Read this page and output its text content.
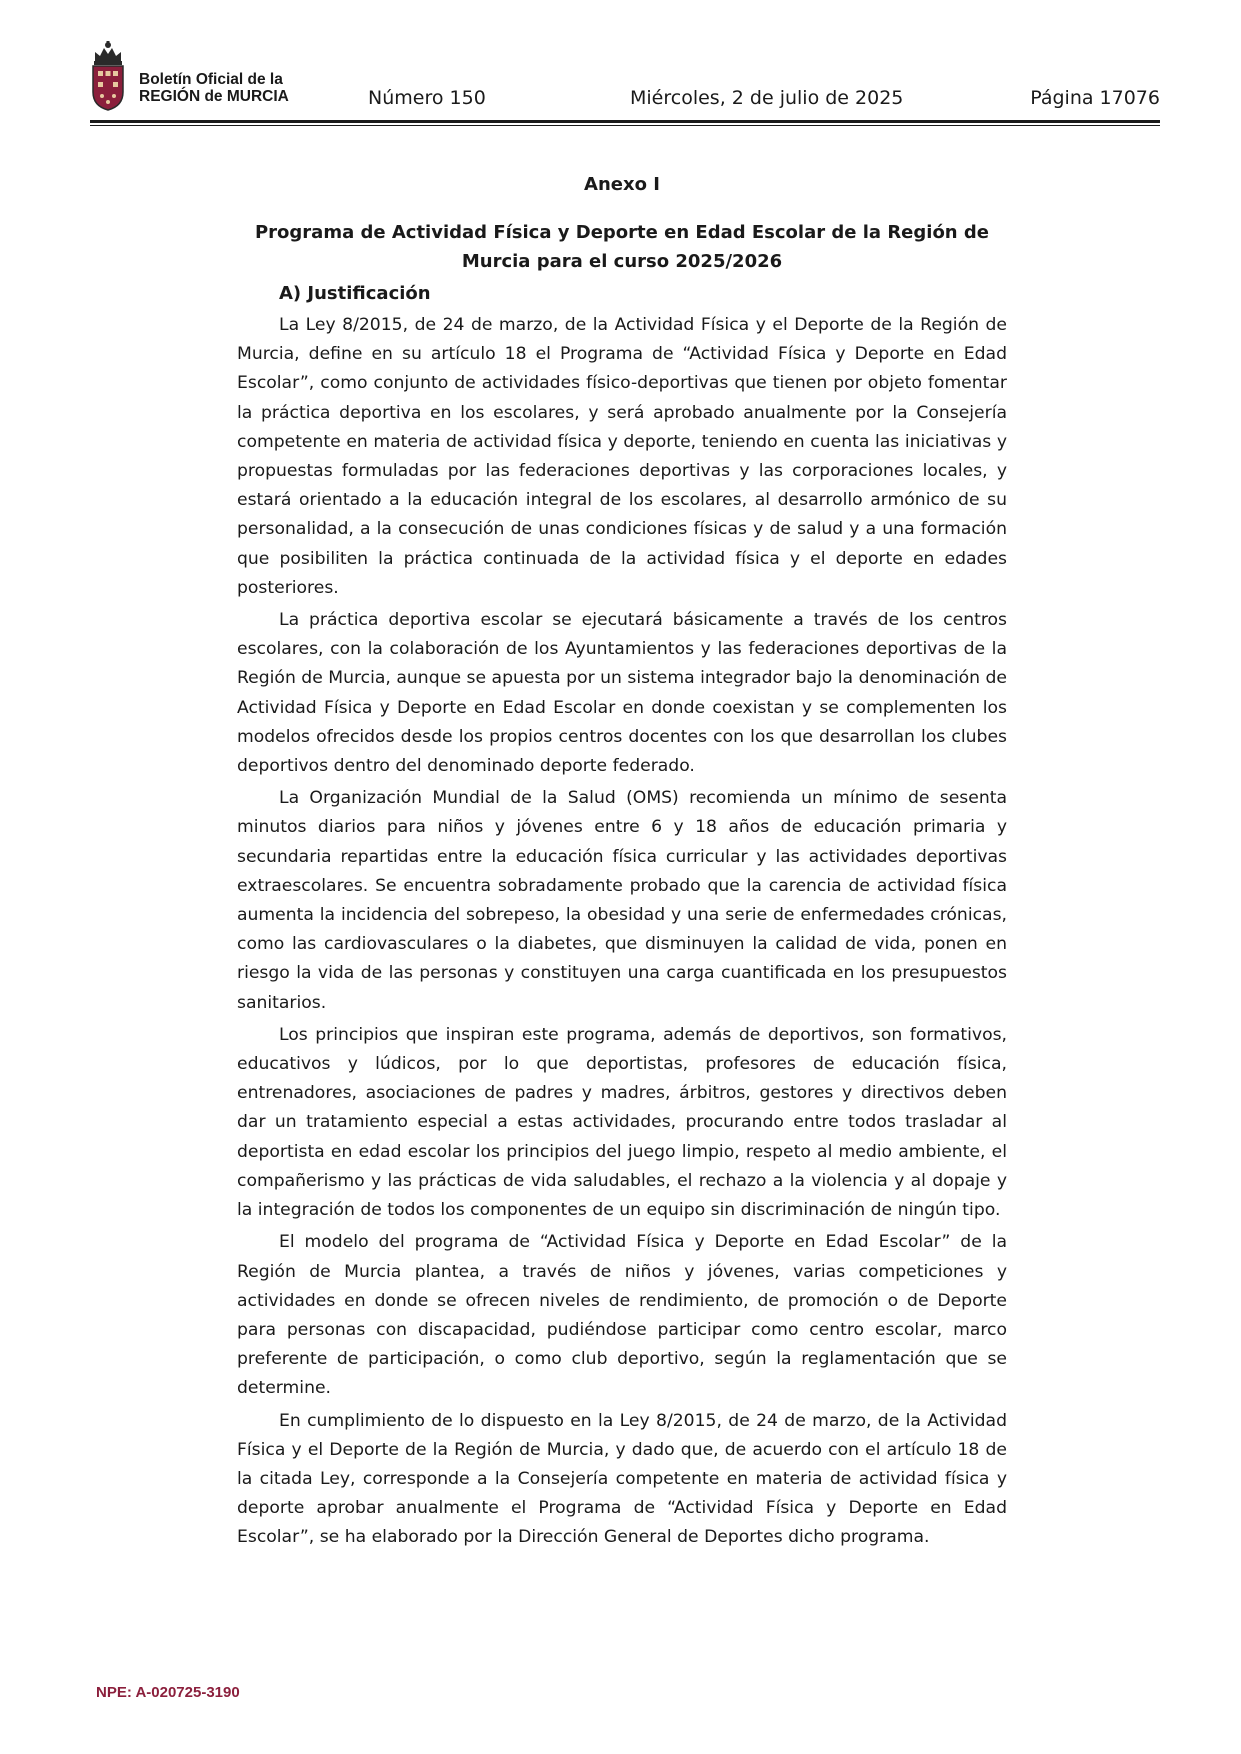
Boletín Oficial de la
REGIÓN de MURCIA	Número 150	Miércoles, 2 de julio de 2025	Página 17076
Anexo I
Programa de Actividad Física y Deporte en Edad Escolar de la Región de Murcia para el curso 2025/2026
A) Justificación

La Ley 8/2015, de 24 de marzo, de la Actividad Física y el Deporte de la Región de Murcia, define en su artículo 18 el Programa de “Actividad Física y Deporte en Edad Escolar”, como conjunto de actividades físico-deportivas que tienen por objeto fomentar la práctica deportiva en los escolares, y será aprobado anualmente por la Consejería competente en materia de actividad física y deporte, teniendo en cuenta las iniciativas y propuestas formuladas por las federaciones deportivas y las corporaciones locales, y estará orientado a la educación integral de los escolares, al desarrollo armónico de su personalidad, a la consecución de unas condiciones físicas y de salud y a una formación que posibiliten la práctica continuada de la actividad física y el deporte en edades posteriores.

La práctica deportiva escolar se ejecutará básicamente a través de los centros escolares, con la colaboración de los Ayuntamientos y las federaciones deportivas de la Región de Murcia, aunque se apuesta por un sistema integrador bajo la denominación de Actividad Física y Deporte en Edad Escolar en donde coexistan y se complementen los modelos ofrecidos desde los propios centros docentes con los que desarrollan los clubes deportivos dentro del denominado deporte federado.

La Organización Mundial de la Salud (OMS) recomienda un mínimo de sesenta minutos diarios para niños y jóvenes entre 6 y 18 años de educación primaria y secundaria repartidas entre la educación física curricular y las actividades deportivas extraescolares. Se encuentra sobradamente probado que la carencia de actividad física aumenta la incidencia del sobrepeso, la obesidad y una serie de enfermedades crónicas, como las cardiovasculares o la diabetes, que disminuyen la calidad de vida, ponen en riesgo la vida de las personas y constituyen una carga cuantificada en los presupuestos sanitarios.

Los principios que inspiran este programa, además de deportivos, son formativos, educativos y lúdicos, por lo que deportistas, profesores de educación física, entrenadores, asociaciones de padres y madres, árbitros, gestores y directivos deben dar un tratamiento especial a estas actividades, procurando entre todos trasladar al deportista en edad escolar los principios del juego limpio, respeto al medio ambiente, el compañerismo y las prácticas de vida saludables, el rechazo a la violencia y al dopaje y la integración de todos los componentes de un equipo sin discriminación de ningún tipo.

El modelo del programa de “Actividad Física y Deporte en Edad Escolar” de la Región de Murcia plantea, a través de niños y jóvenes, varias competiciones y actividades en donde se ofrecen niveles de rendimiento, de promoción o de Deporte para personas con discapacidad, pudiéndose participar como centro escolar, marco preferente de participación, o como club deportivo, según la reglamentación que se determine.

En cumplimiento de lo dispuesto en la Ley 8/2015, de 24 de marzo, de la Actividad Física y el Deporte de la Región de Murcia, y dado que, de acuerdo con el artículo 18 de la citada Ley, corresponde a la Consejería competente en materia de actividad física y deporte aprobar anualmente el Programa de “Actividad Física y Deporte en Edad Escolar”, se ha elaborado por la Dirección General de Deportes dicho programa.

NPE: A-020725-3190
